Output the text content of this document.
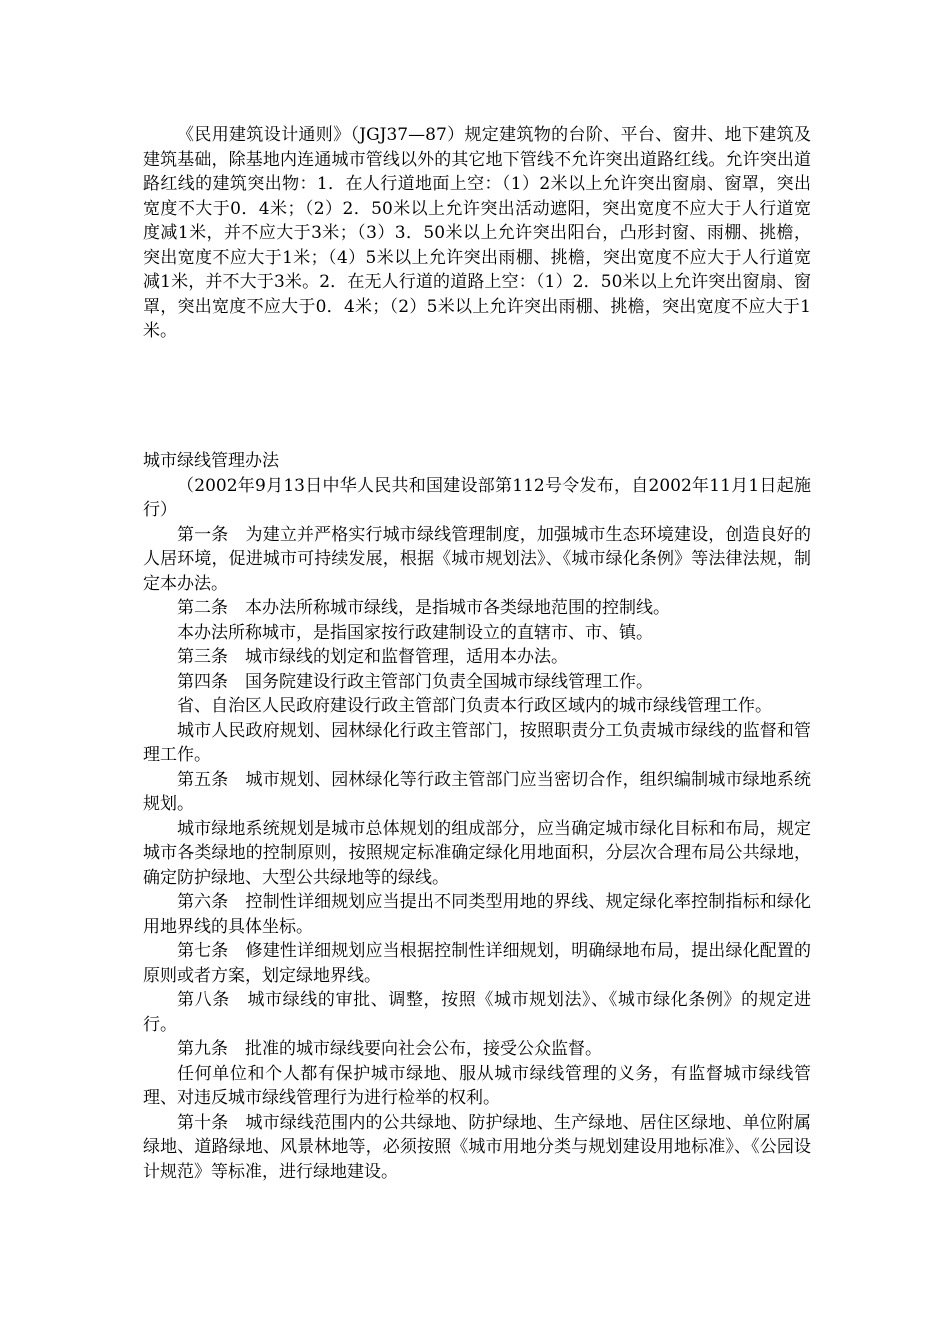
《民用建筑设计通则》（JGJ37—87）规定建筑物的台阶、平台、窗井、地下建筑及建筑基础，除基地内连通城市管线以外的其它地下管线不允许突出道路红线。允许突出道路红线的建筑突出物：1．在人行道地面上空：（1）2米以上允许突出窗扇、窗罩，突出宽度不大于0．4米；（2）2．50米以上允许突出活动遮阳，突出宽度不应大于人行道宽度减1米，并不应大于3米；（3）3．50米以上允许突出阳台，凸形封窗、雨棚、挑檐，突出宽度不应大于1米；（4）5米以上允许突出雨棚、挑檐，突出宽度不应大于人行道宽减1米，并不大于3米。2．在无人行道的道路上空：（1）2．50米以上允许突出窗扇、窗罩，突出宽度不应大于0．4米；（2）5米以上允许突出雨棚、挑檐，突出宽度不应大于1米。

城市绿线管理办法

（2002年9月13日中华人民共和国建设部第112号令发布，自2002年11月1日起施行）

第一条　为建立并严格实行城市绿线管理制度，加强城市生态环境建设，创造良好的人居环境，促进城市可持续发展，根据《城市规划法》、《城市绿化条例》等法律法规，制定本办法。

第二条　本办法所称城市绿线，是指城市各类绿地范围的控制线。

本办法所称城市，是指国家按行政建制设立的直辖市、市、镇。

第三条　城市绿线的划定和监督管理，适用本办法。

第四条　国务院建设行政主管部门负责全国城市绿线管理工作。

省、自治区人民政府建设行政主管部门负责本行政区域内的城市绿线管理工作。

城市人民政府规划、园林绿化行政主管部门，按照职责分工负责城市绿线的监督和管理工作。

第五条　城市规划、园林绿化等行政主管部门应当密切合作，组织编制城市绿地系统规划。

城市绿地系统规划是城市总体规划的组成部分，应当确定城市绿化目标和布局，规定城市各类绿地的控制原则，按照规定标准确定绿化用地面积，分层次合理布局公共绿地，确定防护绿地、大型公共绿地等的绿线。

第六条　控制性详细规划应当提出不同类型用地的界线、规定绿化率控制指标和绿化用地界线的具体坐标。

第七条　修建性详细规划应当根据控制性详细规划，明确绿地布局，提出绿化配置的原则或者方案，划定绿地界线。

第八条　城市绿线的审批、调整，按照《城市规划法》、《城市绿化条例》的规定进行。

第九条　批准的城市绿线要向社会公布，接受公众监督。

任何单位和个人都有保护城市绿地、服从城市绿线管理的义务，有监督城市绿线管理、对违反城市绿线管理行为进行检举的权利。

第十条　城市绿线范围内的公共绿地、防护绿地、生产绿地、居住区绿地、单位附属绿地、道路绿地、风景林地等，必须按照《城市用地分类与规划建设用地标准》、《公园设计规范》等标准，进行绿地建设。
